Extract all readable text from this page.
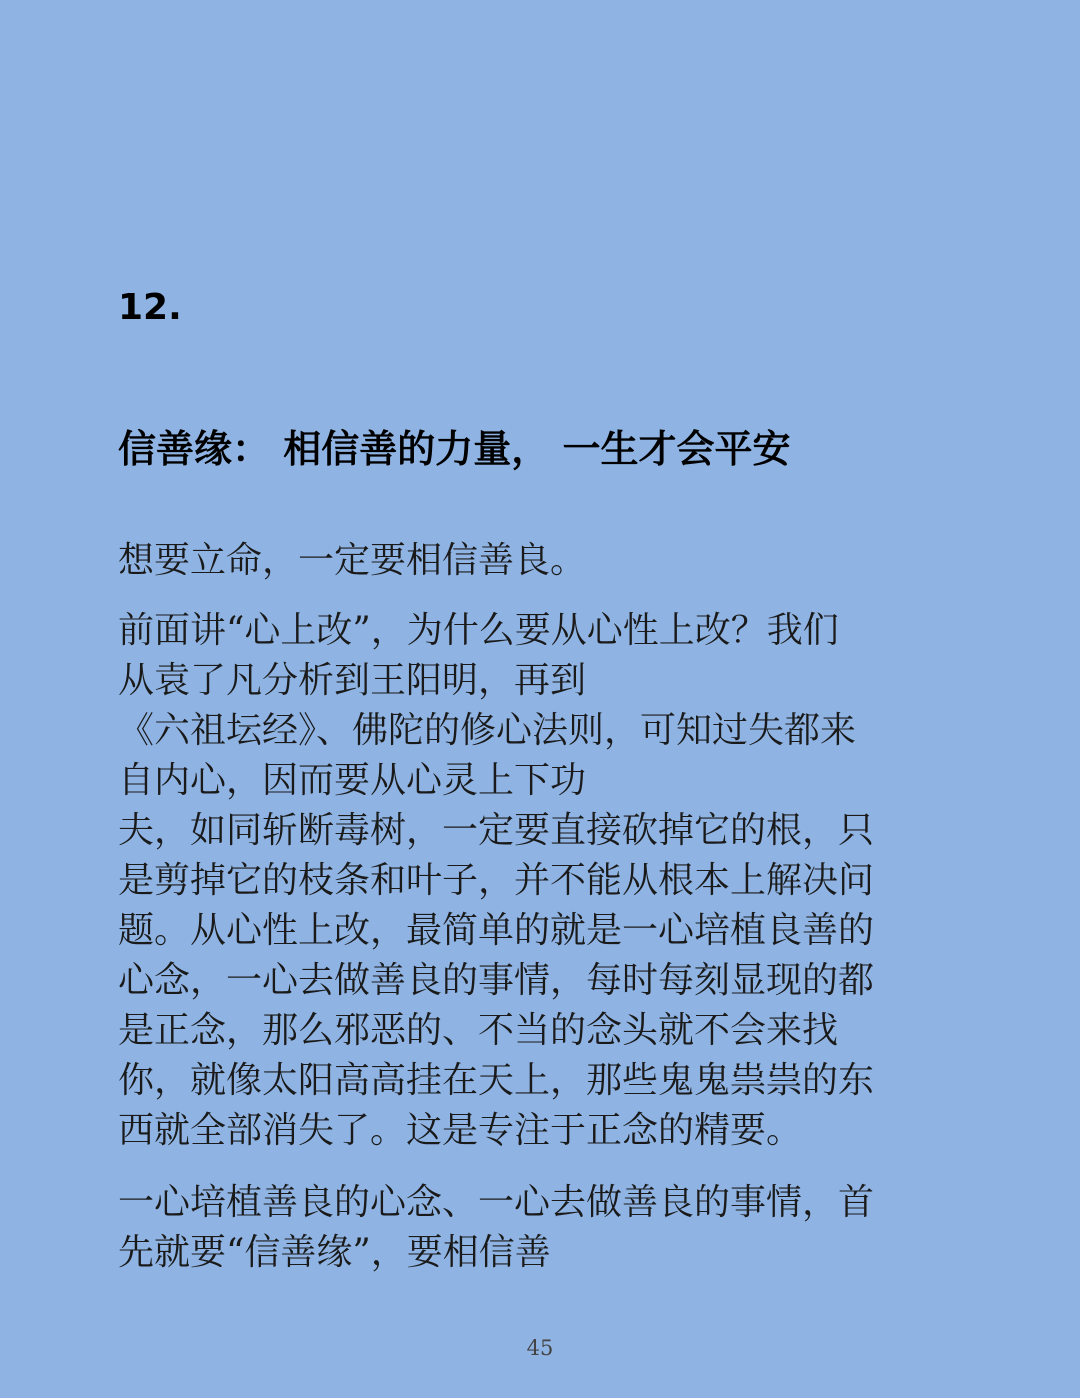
12.
信善缘： 相信善的力量， 一生才会平安

想要立命，一定要相信善良。

前面讲“心上改”，为什么要从心性上改？我们
从袁了凡分析到王阳明，再到
《六祖坛经》、佛陀的修心法则，可知过失都来
自内心，因而要从心灵上下功
夫，如同斩断毒树，一定要直接砍掉它的根，只
是剪掉它的枝条和叶子，并不能从根本上解决问
题。从心性上改，最简单的就是一心培植良善的
心念，一心去做善良的事情，每时每刻显现的都
是正念，那么邪恶的、不当的念头就不会来找
你，就像太阳高高挂在天上，那些鬼鬼祟祟的东
西就全部消失了。这是专注于正念的精要。

一心培植善良的心念、一心去做善良的事情，首
先就要“信善缘”，要相信善

45
